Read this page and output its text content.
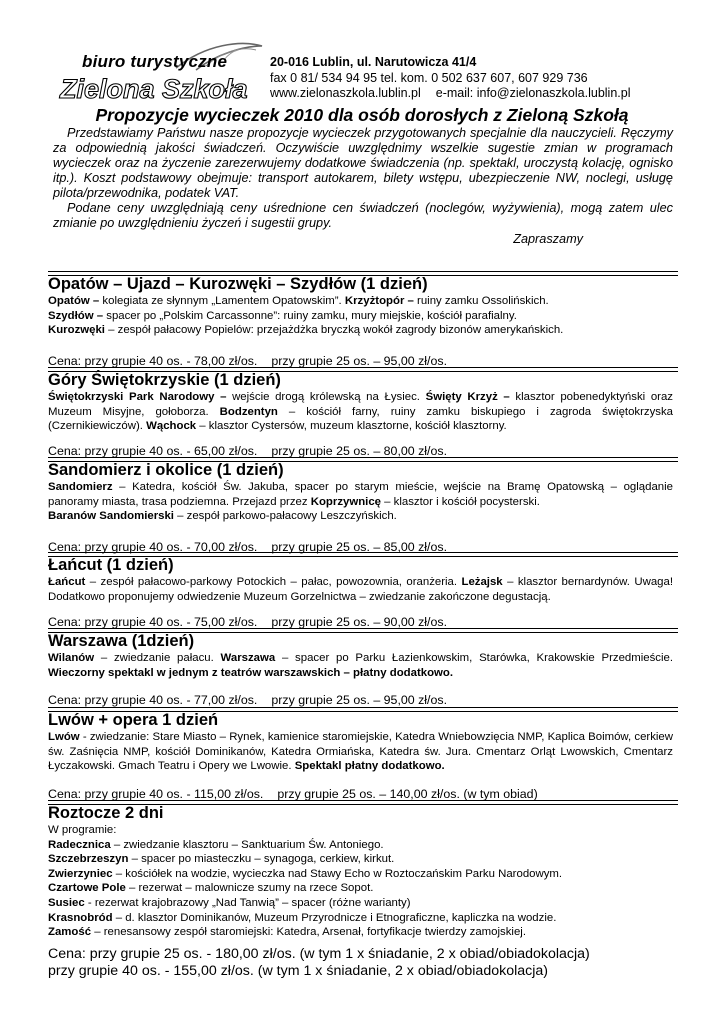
Zielona Szkoła
biuro turystyczne	20-016 Lublin, ul. Narutowicza 41/4
fax 0 81/ 534 94 95 tel. kom. 0 502 637 607, 607 929 736
www.zielonaszkola.lublin.pl e-mail: info@zielonaszkola.lublin.pl
Propozycje wycieczek 2010 dla osób dorosłych z Zieloną Szkołą

Przedstawiamy Państwu nasze propozycje wycieczek przygotowanych specjalnie dla nauczycieli. Ręczymy za odpowiednią jakości świadczeń. Oczywiście uwzględnimy wszelkie sugestie zmian w programach wycieczek oraz na życzenie zarezerwujemy dodatkowe świadczenia (np. spektakl, uroczystą kolację, ognisko itp.). Koszt podstawowy obejmuje: transport autokarem, bilety wstępu, ubezpieczenie NW, noclegi, usługę pilota/przewodnika, podatek VAT.

Podane ceny uwzględniają ceny uśrednione cen świadczeń (noclegów, wyżywienia), mogą zatem ulec zmianie po uwzględnieniu życzeń i sugestii grupy.

Zapraszamy
Opatów – Ujazd – Kurozwęki – Szydłów (1 dzień)
Opatów – kolegiata ze słynnym „Lamentem Opatowskim”. Krzyżtopór – ruiny zamku Ossolińskich.
Szydłów – spacer po „Polskim Carcassonne”: ruiny zamku, mury miejskie, kościół parafialny.
Kurozwęki – zespół pałacowy Popielów: przejażdżka bryczką wokół zagrody bizonów amerykańskich.
Cena: przy grupie 40 os. - 78,00 zł/os. przy grupie 25 os. – 95,00 zł/os.
Góry Świętokrzyskie (1 dzień)
Świętokrzyski Park Narodowy – wejście drogą królewską na Łysiec. Święty Krzyż – klasztor pobenedyktyński oraz Muzeum Misyjne, gołoborza. Bodzentyn – kościół farny, ruiny zamku biskupiego i zagroda świętokrzyska (Czernikiewiczów). Wąchock – klasztor Cystersów, muzeum klasztorne, kościół klasztorny.
Cena: przy grupie 40 os. - 65,00 zł/os. przy grupie 25 os. – 80,00 zł/os.
Sandomierz i okolice (1 dzień)
Sandomierz – Katedra, kościół Św. Jakuba, spacer po starym mieście, wejście na Bramę Opatowską – oglądanie panoramy miasta, trasa podziemna. Przejazd przez Koprzywnicę – klasztor i kościół pocysterski.
Baranów Sandomierski – zespół parkowo-pałacowy Leszczyńskich.
Cena: przy grupie 40 os. - 70,00 zł/os. przy grupie 25 os. – 85,00 zł/os.
Łańcut (1 dzień)
Łańcut – zespół pałacowo-parkowy Potockich – pałac, powozownia, oranżeria. Leżajsk – klasztor bernardynów. Uwaga! Dodatkowo proponujemy odwiedzenie Muzeum Gorzelnictwa – zwiedzanie zakończone degustacją.
Cena: przy grupie 40 os. - 75,00 zł/os. przy grupie 25 os. – 90,00 zł/os.
Warszawa (1dzień)
Wilanów – zwiedzanie pałacu. Warszawa – spacer po Parku Łazienkowskim, Starówka, Krakowskie Przedmieście. Wieczorny spektakl w jednym z teatrów warszawskich – płatny dodatkowo.
Cena: przy grupie 40 os. - 77,00 zł/os. przy grupie 25 os. – 95,00 zł/os.
Lwów + opera 1 dzień
Lwów - zwiedzanie: Stare Miasto – Rynek, kamienice staromiejskie, Katedra Wniebowzięcia NMP, Kaplica Boimów, cerkiew św. Zaśnięcia NMP, kościół Dominikanów, Katedra Ormiańska, Katedra św. Jura. Cmentarz Orląt Lwowskich, Cmentarz Łyczakowski. Gmach Teatru i Opery we Lwowie. Spektakl płatny dodatkowo.
Cena: przy grupie 40 os. - 115,00 zł/os. przy grupie 25 os. – 140,00 zł/os. (w tym obiad)
Roztocze 2 dni
W programie:
Radecznica – zwiedzanie klasztoru – Sanktuarium Św. Antoniego.
Szczebrzeszyn – spacer po miasteczku – synagoga, cerkiew, kirkut.
Zwierzyniec – kościółek na wodzie, wycieczka nad Stawy Echo w Roztoczańskim Parku Narodowym.
Czartowe Pole – rezerwat – malownicze szumy na rzece Sopot.
Susiec - rezerwat krajobrazowy „Nad Tanwią” – spacer (różne warianty)
Krasnobród – d. klasztor Dominikanów, Muzeum Przyrodnicze i Etnograficzne, kapliczka na wodzie.
Zamość – renesansowy zespół staromiejski: Katedra, Arsenał, fortyfikacje twierdzy zamojskiej.
Cena: przy grupie 25 os. - 180,00 zł/os. (w tym 1 x śniadanie, 2 x obiad/obiadokolacja)
przy grupie 40 os. - 155,00 zł/os. (w tym 1 x śniadanie, 2 x obiad/obiadokolacja)
